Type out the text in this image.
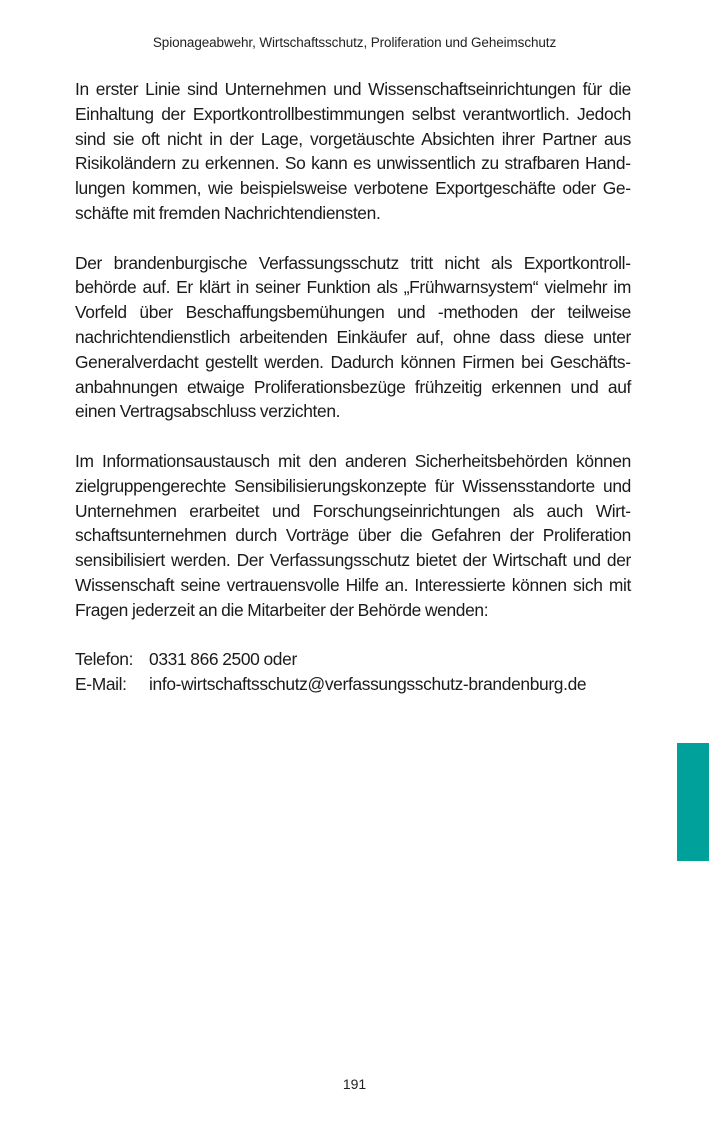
Spionageabwehr, Wirtschaftsschutz, Proliferation und Geheimschutz

In erster Linie sind Unternehmen und Wissenschaftseinrichtungen für die Einhaltung der Exportkontrollbestimmungen selbst verantwortlich. Jedoch sind sie oft nicht in der Lage, vorgetäuschte Absichten ihrer Partner aus Risikoländern zu erkennen. So kann es unwissentlich zu strafbaren Handlungen kommen, wie beispielsweise verbotene Exportgeschäfte oder Geschäfte mit fremden Nachrichtendiensten.

Der brandenburgische Verfassungsschutz tritt nicht als Exportkontrollbehörde auf. Er klärt in seiner Funktion als „Frühwarnsystem“ vielmehr im Vorfeld über Beschaffungsbemühungen und -methoden der teilweise nachrichtendienstlich arbeitenden Einkäufer auf, ohne dass diese unter Generalverdacht gestellt werden. Dadurch können Firmen bei Geschäftsanbahnungen etwaige Proliferationsbezüge frühzeitig erkennen und auf einen Vertragsabschluss verzichten.

Im Informationsaustausch mit den anderen Sicherheitsbehörden können zielgruppengerechte Sensibilisierungskonzepte für Wissensstandorte und Unternehmen erarbeitet und Forschungseinrichtungen als auch Wirtschaftsunternehmen durch Vorträge über die Gefahren der Proliferation sensibilisiert werden. Der Verfassungsschutz bietet der Wirtschaft und der Wissenschaft seine vertrauensvolle Hilfe an. Interessierte können sich mit Fragen jederzeit an die Mitarbeiter der Behörde wenden:

Telefon: 0331 866 2500 oder
E-Mail:	info-wirtschaftsschutz@verfassungsschutz-brandenburg.de
191
